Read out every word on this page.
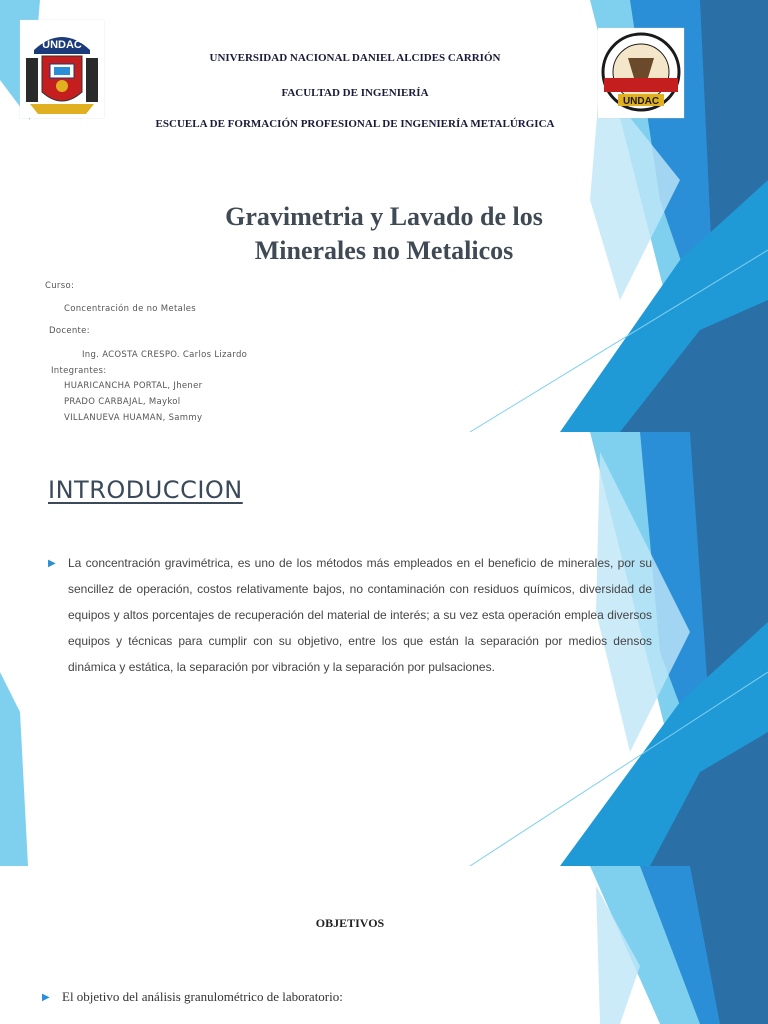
UNDAC
UNDAC
UNIVERSIDAD NACIONAL DANIEL ALCIDES CARRIÓN
FACULTAD DE INGENIERÍA
ESCUELA DE FORMACIÓN PROFESIONAL DE INGENIERÍA METALÚRGICA
Gravimetria y Lavado de los
Minerales no Metalicos
Curso:
Concentración de no Metales
Docente:
Ing. ACOSTA CRESPO. Carlos Lizardo
Integrantes:
HUARICANCHA PORTAL, Jhener
PRADO CARBAJAL, Maykol
VILLANUEVA HUAMAN, Sammy
INTRODUCCION
▶ La concentración gravimétrica, es uno de los métodos más empleados en el beneficio de minerales, por su sencillez de operación, costos relativamente bajos, no contaminación con residuos químicos, diversidad de equipos y altos porcentajes de recuperación del material de interés; a su vez esta operación emplea diversos equipos y técnicas para cumplir con su objetivo, entre los que están la separación por medios densos dinámica y estática, la separación por vibración y la separación por pulsaciones.
OBJETIVOS
▶ El objetivo del análisis granulométrico de laboratorio:
